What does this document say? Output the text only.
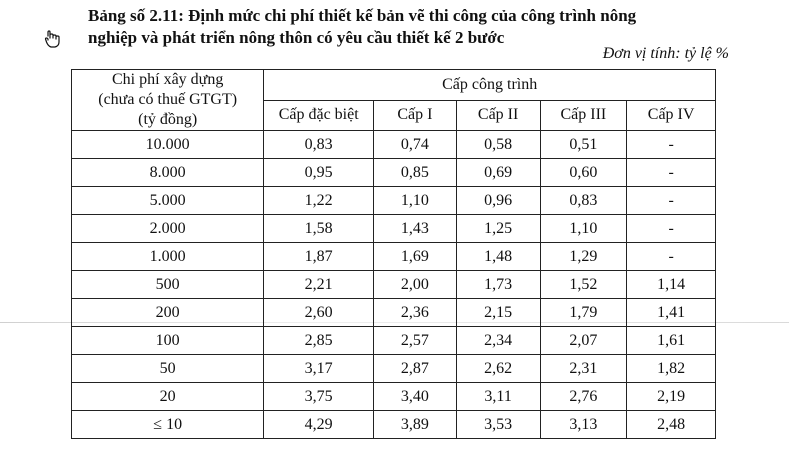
Bảng số 2.11: Định mức chi phí thiết kế bản vẽ thi công của công trình nông
nghiệp và phát triển nông thôn có yêu cầu thiết kế 2 bước
Đơn vị tính: tỷ lệ %
Chi phí xây dựng
(chưa có thuế GTGT)
(tỷ đồng)	Cấp công trình				
	Cấp đặc biệt	Cấp I	Cấp II	Cấp III	Cấp IV
10.000	0,83	0,74	0,58	0,51	-
8.000	0,95	0,85	0,69	0,60	-
5.000	1,22	1,10	0,96	0,83	-
2.000	1,58	1,43	1,25	1,10	-
1.000	1,87	1,69	1,48	1,29	-
500	2,21	2,00	1,73	1,52	1,14
200	2,60	2,36	2,15	1,79	1,41
100	2,85	2,57	2,34	2,07	1,61
50	3,17	2,87	2,62	2,31	1,82
20	3,75	3,40	3,11	2,76	2,19
≤ 10	4,29	3,89	3,53	3,13	2,48
